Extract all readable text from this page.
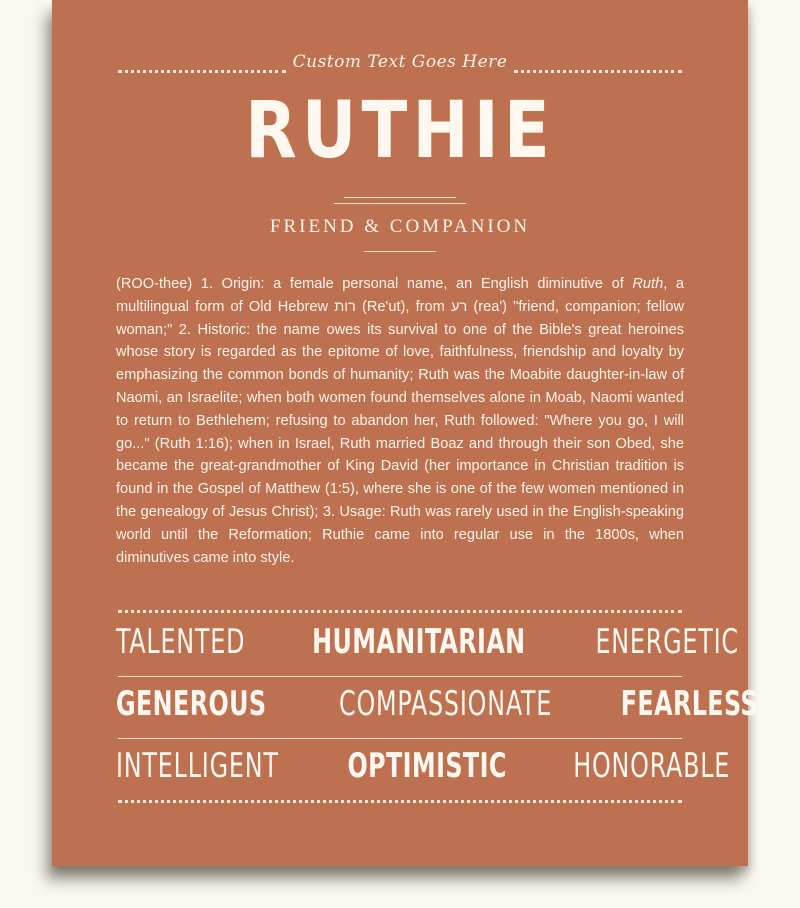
Custom Text Goes Here
RUTHIE
FRIEND & COMPANION
(ROO-thee) 1. Origin: a female personal name, an English diminutive of Ruth, a multilingual form of Old Hebrew רות (Re'ut), from רע (rea') "friend, companion; fellow woman;" 2. Historic: the name owes its survival to one of the Bible's great heroines whose story is regarded as the epitome of love, faithfulness, friendship and loyalty by emphasizing the common bonds of humanity; Ruth was the Moabite daughter-in-law of Naomi, an Israelite; when both women found themselves alone in Moab, Naomi wanted to return to Bethlehem; refusing to abandon her, Ruth followed: "Where you go, I will go..." (Ruth 1:16); when in Israel, Ruth married Boaz and through their son Obed, she became the great-grandmother of King David (her importance in Christian tradition is found in the Gospel of Matthew (1:5), where she is one of the few women mentioned in the genealogy of Jesus Christ); 3. Usage: Ruth was rarely used in the English-speaking world until the Reformation; Ruthie came into regular use in the 1800s, when diminutives came into style.
TALENTED HUMANITARIAN ENERGETIC
GENEROUS COMPASSIONATE FEARLESS
INTELLIGENT OPTIMISTIC HONORABLE
